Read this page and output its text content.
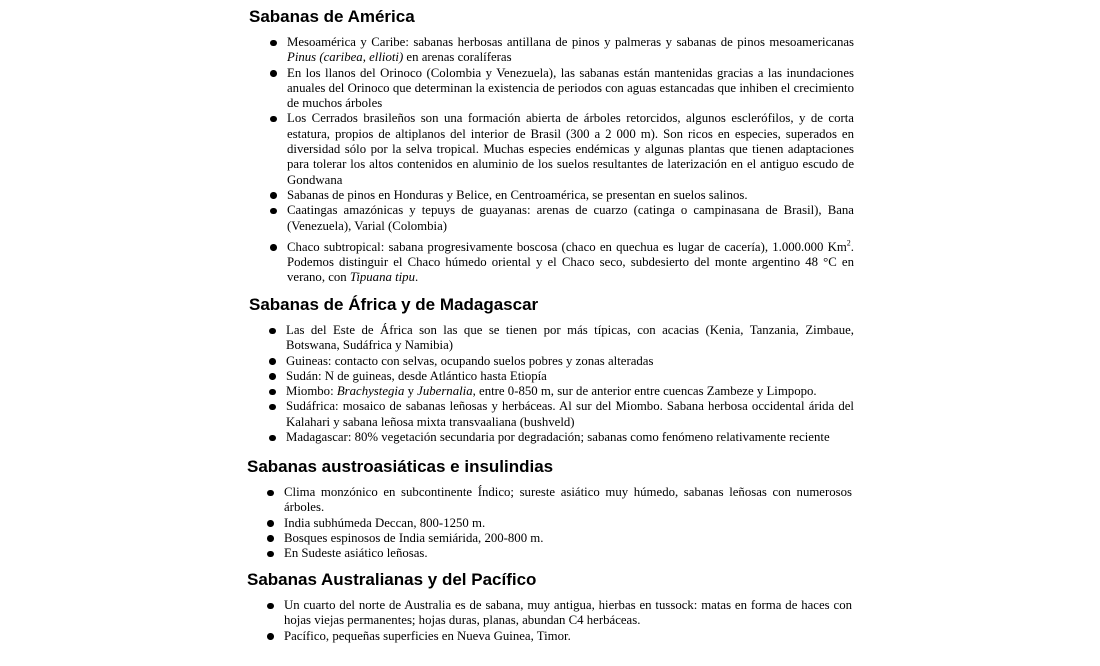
Sabanas de América
Mesoamérica y Caribe: sabanas herbosas antillana de pinos y palmeras y sabanas de pinos mesoamericanas Pinus (caribea, ellioti) en arenas coralíferas
En los llanos del Orinoco (Colombia y Venezuela), las sabanas están mantenidas gracias a las inundaciones anuales del Orinoco que determinan la existencia de periodos con aguas estancadas que inhiben el crecimiento de muchos árboles
Los Cerrados brasileños son una formación abierta de árboles retorcidos, algunos esclerófilos, y de corta estatura, propios de altiplanos del interior de Brasil (300 a 2 000 m). Son ricos en especies, superados en diversidad sólo por la selva tropical. Muchas especies endémicas y algunas plantas que tienen adaptaciones para tolerar los altos contenidos en aluminio de los suelos resultantes de laterización en el antiguo escudo de Gondwana
Sabanas de pinos en Honduras y Belice, en Centroamérica, se presentan en suelos salinos.
Caatingas amazónicas y tepuys de guayanas: arenas de cuarzo (catinga o campinasana de Brasil), Bana (Venezuela), Varial (Colombia)
Chaco subtropical: sabana progresivamente boscosa (chaco en quechua es lugar de cacería), 1.000.000 Km$^2$. Podemos distinguir el Chaco húmedo oriental y el Chaco seco, subdesierto del monte argentino 48 °C en verano, con Tipuana tipu.
Sabanas de África y de Madagascar
Las del Este de África son las que se tienen por más típicas, con acacias (Kenia, Tanzania, Zimbaue, Botswana, Sudáfrica y Namibia)
Guineas: contacto con selvas, ocupando suelos pobres y zonas alteradas
Sudán: N de guineas, desde Atlántico hasta Etiopía
Miombo: Brachystegia y Jubernalia, entre 0-850 m, sur de anterior entre cuencas Zambeze y Limpopo.
Sudáfrica: mosaico de sabanas leñosas y herbáceas. Al sur del Miombo. Sabana herbosa occidental árida del Kalahari y sabana leñosa mixta transvaaliana (bushveld)
Madagascar: 80% vegetación secundaria por degradación; sabanas como fenómeno relativamente reciente
Sabanas austroasiáticas e insulindias
Clima monzónico en subcontinente Índico; sureste asiático muy húmedo, sabanas leñosas con numerosos árboles.
India subhúmeda Deccan, 800-1250 m.
Bosques espinosos de India semiárida, 200-800 m.
En Sudeste asiático leñosas.
Sabanas Australianas y del Pacífico
Un cuarto del norte de Australia es de sabana, muy antigua, hierbas en tussock: matas en forma de haces con hojas viejas permanentes; hojas duras, planas, abundan C4 herbáceas.
Pacífico, pequeñas superficies en Nueva Guinea, Timor.
